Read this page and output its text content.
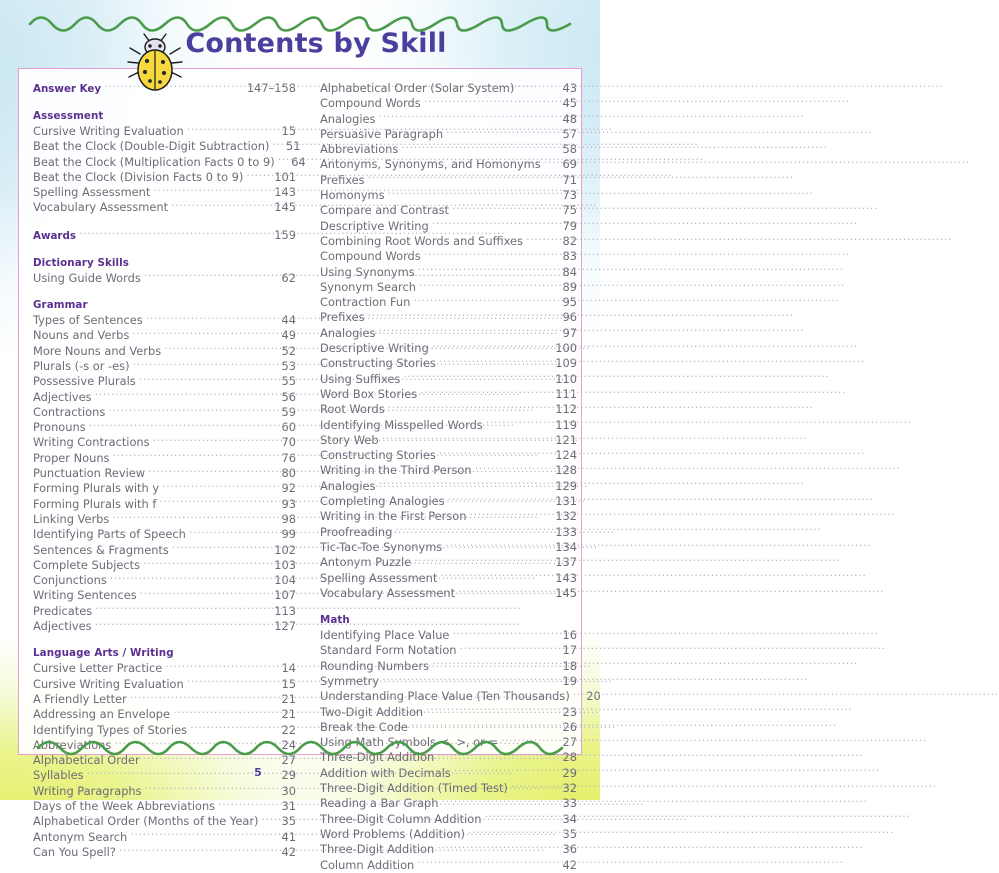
Contents by Skill
Answer Key .....	147–158
Assessment
Cursive Writing Evaluation .....	15
Beat the Clock (Double-Digit Subtraction) .....	51
Beat the Clock (Multiplication Facts 0 to 9) .....	64
Beat the Clock (Division Facts 0 to 9) .....	101
Spelling Assessment .....	143
Vocabulary Assessment .....	145
Awards .....	159
Dictionary Skills
Using Guide Words .....	62
Grammar
Types of Sentences .....	44
Nouns and Verbs .....	49
More Nouns and Verbs .....	52
Plurals (-s or -es) .....	53
Possessive Plurals .....	55
Adjectives .....	56
Contractions .....	59
Pronouns .....	60
Writing Contractions .....	70
Proper Nouns .....	76
Punctuation Review .....	80
Forming Plurals with y .....	92
Forming Plurals with f .....	93
Linking Verbs .....	98
Identifying Parts of Speech .....	99
Sentences & Fragments .....	102
Complete Subjects .....	103
Conjunctions .....	104
Writing Sentences .....	107
Predicates .....	113
Adjectives .....	127
Language Arts / Writing
Cursive Letter Practice .....	14
Cursive Writing Evaluation .....	15
A Friendly Letter .....	21
Addressing an Envelope .....	21
Identifying Types of Stories .....	22
Abbreviations .....	24
Alphabetical Order .....	27
Syllables .....	29
Writing Paragraphs .....	30
Days of the Week Abbreviations .....	31
Alphabetical Order (Months of the Year) .....	35
Antonym Search .....	41
Can You Spell? .....	42
Alphabetical Order (Solar System) .....	43
Compound Words .....	45
Analogies .....	48
Persuasive Paragraph .....	57
Abbreviations .....	58
Antonyms, Synonyms, and Homonyms .....	69
Prefixes .....	71
Homonyms .....	73
Compare and Contrast .....	75
Descriptive Writing .....	79
Combining Root Words and Suffixes .....	82
Compound Words .....	83
Using Synonyms .....	84
Synonym Search .....	89
Contraction Fun .....	95
Prefixes .....	96
Analogies .....	97
Descriptive Writing .....	100
Constructing Stories .....	109
Using Suffixes .....	110
Word Box Stories .....	111
Root Words .....	112
Identifying Misspelled Words .....	119
Story Web .....	121
Constructing Stories .....	124
Writing in the Third Person .....	128
Analogies .....	129
Completing Analogies .....	131
Writing in the First Person .....	132
Proofreading .....	133
Tic-Tac-Toe Synonyms .....	134
Antonym Puzzle .....	137
Spelling Assessment .....	143
Vocabulary Assessment .....	145
Math
Identifying Place Value .....	16
Standard Form Notation .....	17
Rounding Numbers .....	18
Symmetry .....	19
Understanding Place Value (Ten Thousands) .....	20
Two-Digit Addition .....	23
Break the Code .....	26
Using Math Symbols <, >, or = .....	27
Three-Digit Addition .....	28
Addition with Decimals .....	29
Three-Digit Addition (Timed Test) .....	32
Reading a Bar Graph .....	33
Three-Digit Column Addition .....	34
Word Problems (Addition) .....	35
Three-Digit Addition .....	36
Column Addition .....	42
5
